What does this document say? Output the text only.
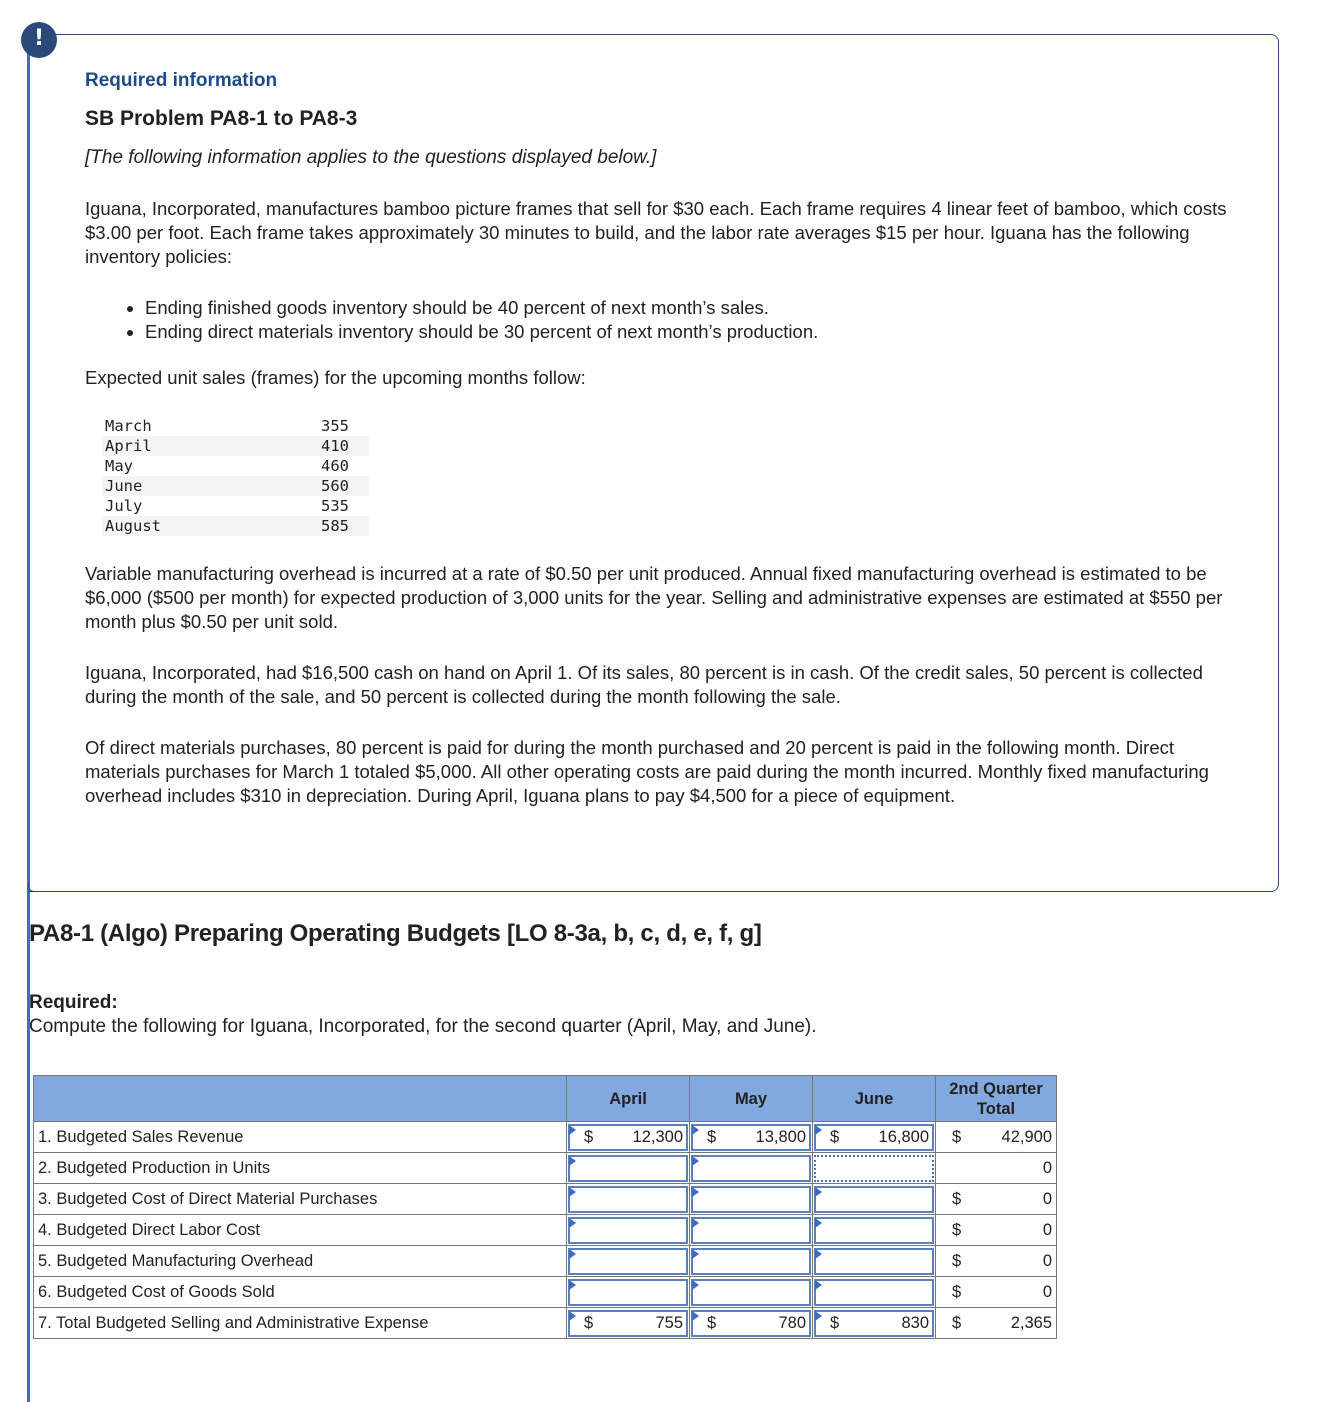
!
Required information
SB Problem PA8-1 to PA8-3
[The following information applies to the questions displayed below.]
Iguana, Incorporated, manufactures bamboo picture frames that sell for $30 each. Each frame requires 4 linear feet of bamboo, which costs $3.00 per foot. Each frame takes approximately 30 minutes to build, and the labor rate averages $15 per hour. Iguana has the following inventory policies:
• Ending finished goods inventory should be 40 percent of next month’s sales.
• Ending direct materials inventory should be 30 percent of next month’s production.
Expected unit sales (frames) for the upcoming months follow:
March	355
April	410
May	460
June	560
July	535
August	585
Variable manufacturing overhead is incurred at a rate of $0.50 per unit produced. Annual fixed manufacturing overhead is estimated to be $6,000 ($500 per month) for expected production of 3,000 units for the year. Selling and administrative expenses are estimated at $550 per month plus $0.50 per unit sold.
Iguana, Incorporated, had $16,500 cash on hand on April 1. Of its sales, 80 percent is in cash. Of the credit sales, 50 percent is collected during the month of the sale, and 50 percent is collected during the month following the sale.
Of direct materials purchases, 80 percent is paid for during the month purchased and 20 percent is paid in the following month. Direct materials purchases for March 1 totaled $5,000. All other operating costs are paid during the month incurred. Monthly fixed manufacturing overhead includes $310 in depreciation. During April, Iguana plans to pay $4,500 for a piece of equipment.
PA8-1 (Algo) Preparing Operating Budgets [LO 8-3a, b, c, d, e, f, g]
Required:
Compute the following for Iguana, Incorporated, for the second quarter (April, May, and June).
	April	May	June	2nd Quarter Total
1. Budgeted Sales Revenue	$ 12,300	$ 13,800	$ 16,800	$ 42,900

2. Budgeted Production in Units				0

3. Budgeted Cost of Direct Material Purchases				$ 0

4. Budgeted Direct Labor Cost				$ 0

5. Budgeted Manufacturing Overhead				$ 0

6. Budgeted Cost of Goods Sold				$ 0

7. Total Budgeted Selling and Administrative Expense	$ 755	$ 780	$ 830	$ 2,365
